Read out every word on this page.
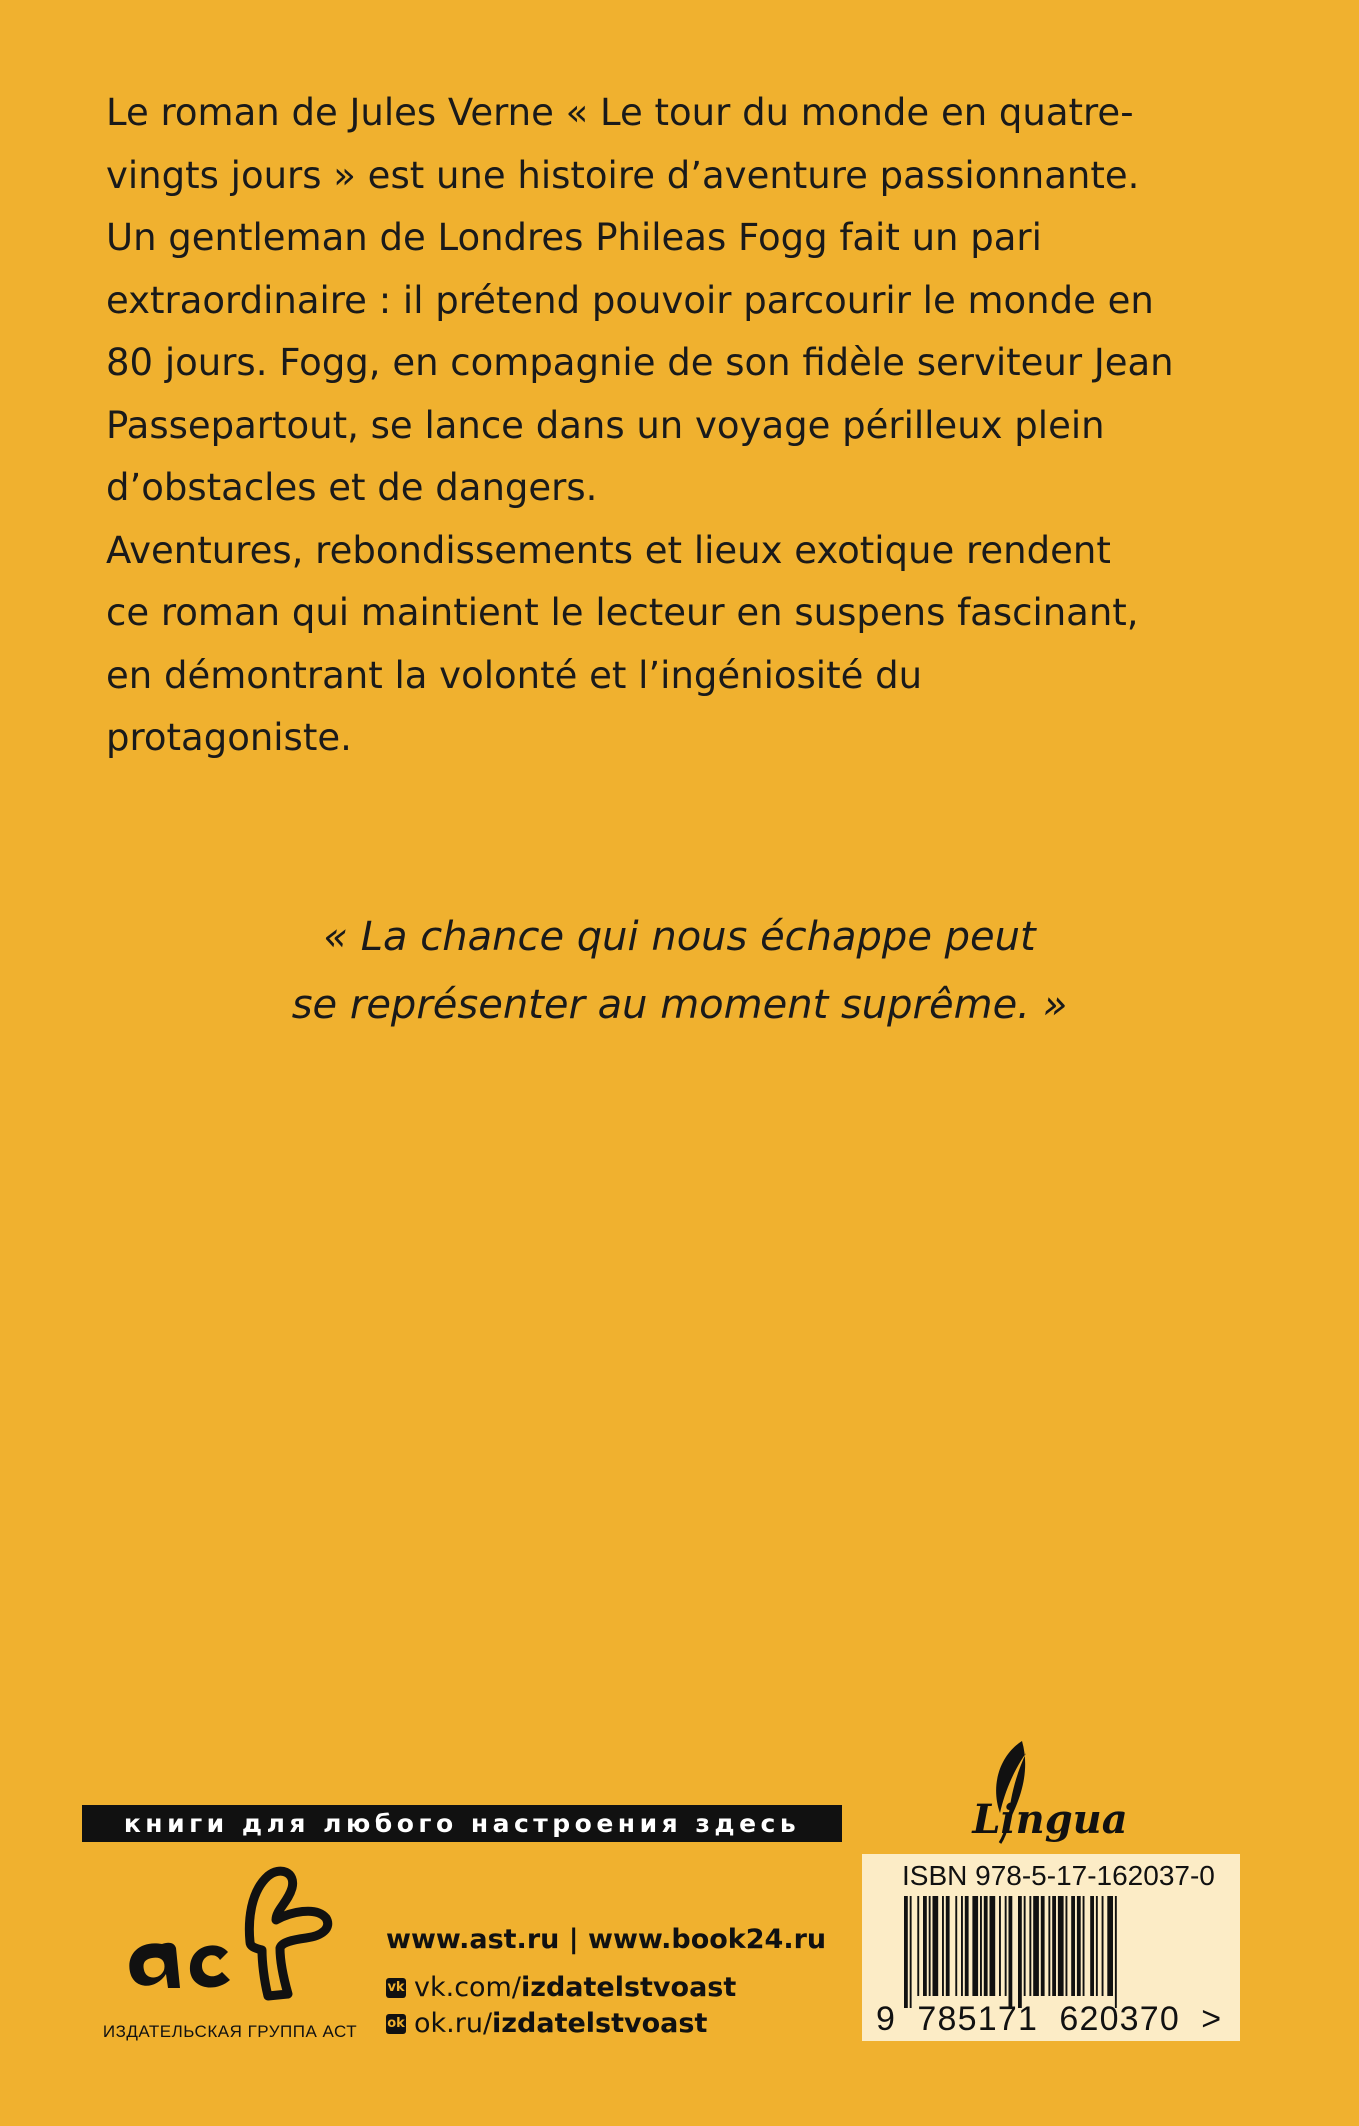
Le roman de Jules Verne « Le tour du monde en quatre-
vingts jours » est une histoire d’aventure passionnante.
Un gentleman de Londres Phileas Fogg fait un pari
extraordinaire : il prétend pouvoir parcourir le monde en
80 jours. Fogg, en compagnie de son fidèle serviteur Jean
Passepartout, se lance dans un voyage périlleux plein
d’obstacles et de dangers.

Aventures, rebondissements et lieux exotique rendent
ce roman qui maintient le lecteur en suspens fascinant,
en démontrant la volonté et l’ingéniosité du
protagoniste.

« La chance qui nous échappe peut
se représenter au moment suprême. »
книги для любого настроения здесь	Lingua
ИЗДАТЕЛЬСКАЯ ГРУППА АСТ
www.ast.ru | www.book24.ru
vk vk.com/ izdatelstvoast
ok ok.ru/ izdatelstvoast
ISBN 978-5-17-162037-0
9  785171  620370  >
